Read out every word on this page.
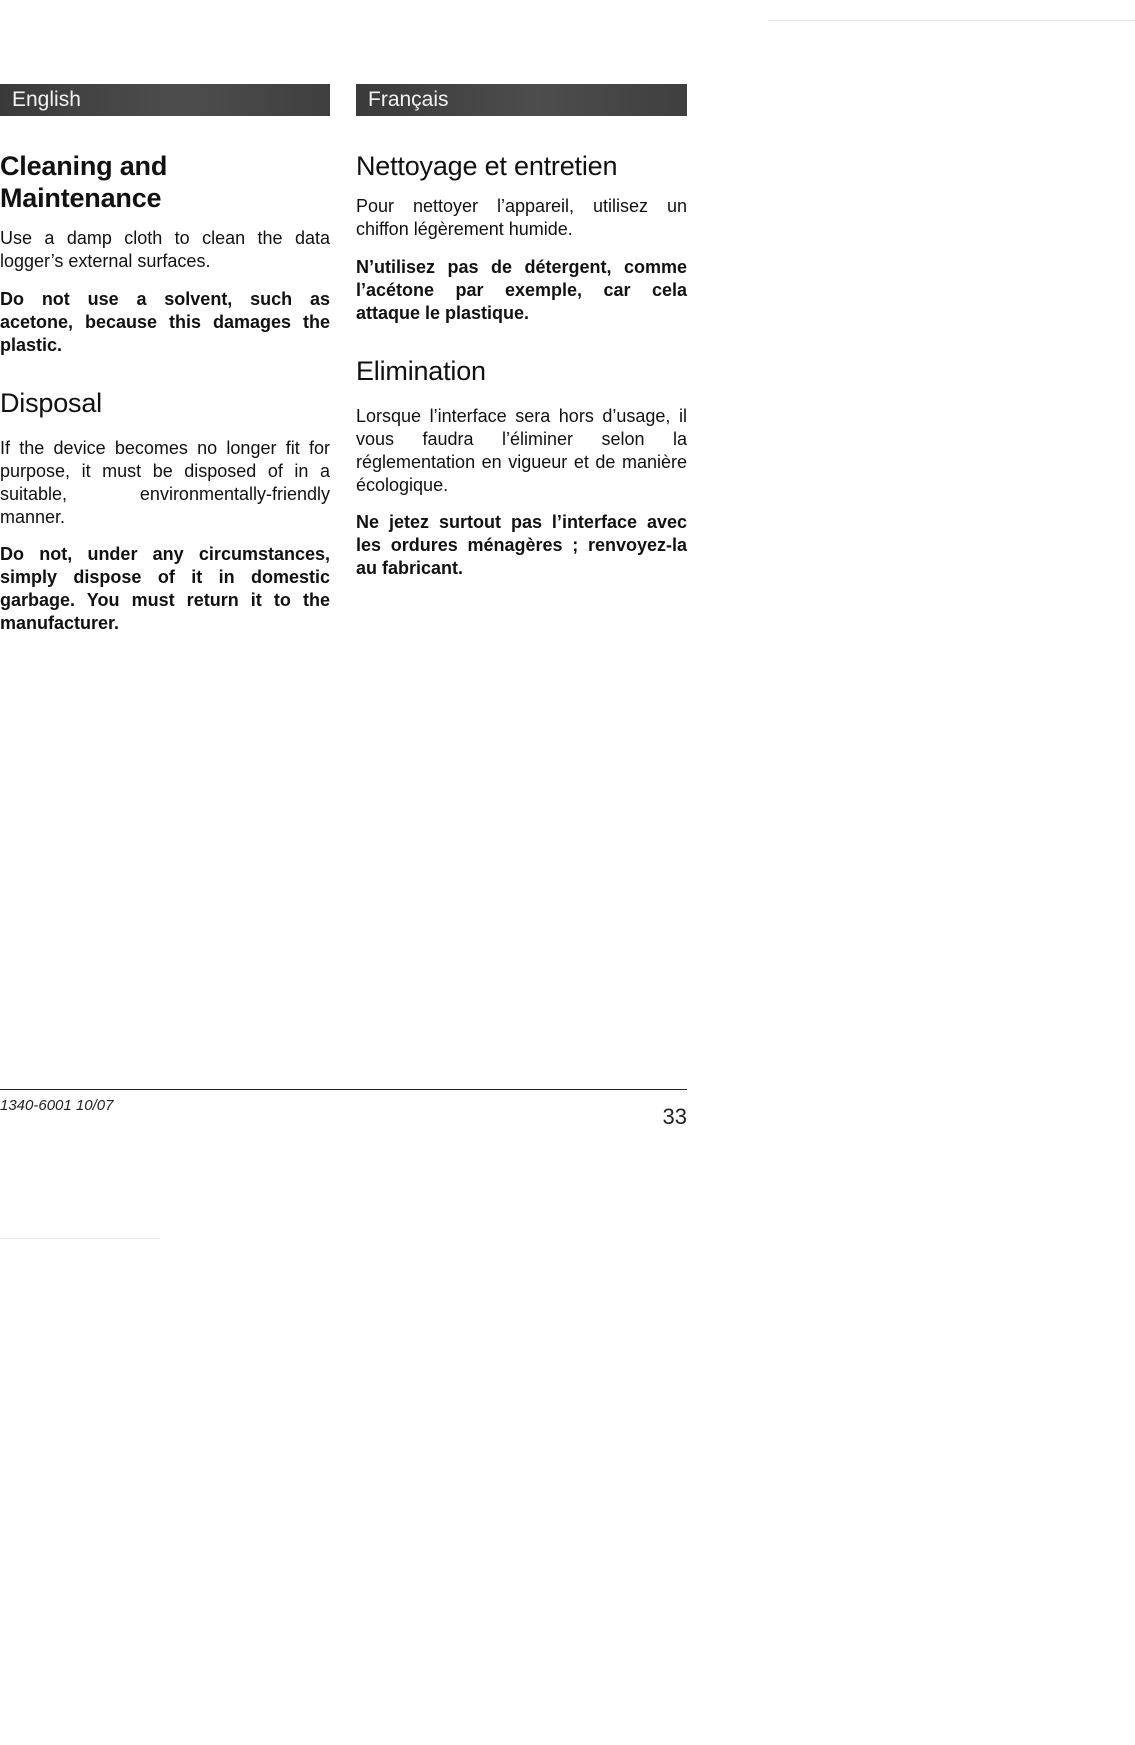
English
Cleaning and Maintenance

Use a damp cloth to clean the data logger’s external surfaces.

Do not use a solvent, such as acetone, because this damages the plastic.

Disposal

If the device becomes no longer fit for purpose, it must be disposed of in a suitable, environmentally-friendly manner.

Do not, under any circumstances, simply dispose of it in domestic garbage. You must return it to the manufacturer.

Français
Nettoyage et entretien

Pour nettoyer l’appareil, utilisez un chiffon légèrement humide.

N’utilisez pas de détergent, comme l’acétone par exemple, car cela attaque le plastique.

Elimination

Lorsque l’interface sera hors d’usage, il vous faudra l’éliminer selon la réglementation en vigueur et de manière écologique.

Ne jetez surtout pas l’interface avec les ordures ménagères ; renvoyez-la au fabricant.

1340-6001 10/07	33
